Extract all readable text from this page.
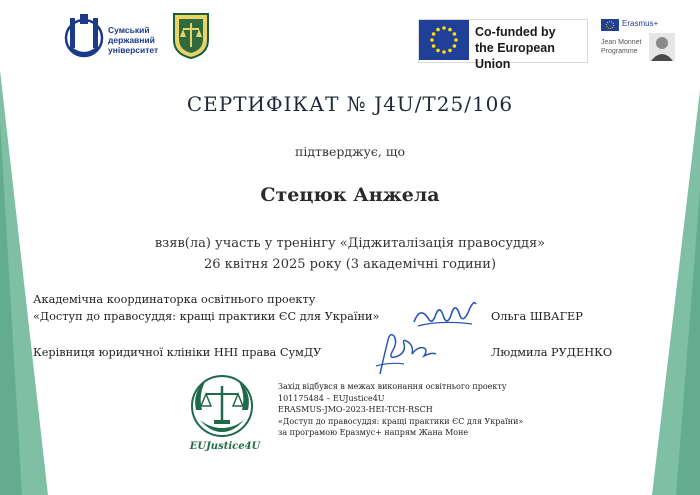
Сумський
державний
університет
Co-funded by
the European Union
Erasmus+
Jean Monnet
Programme
СЕРТИФІКАТ № J4U/T25/106
підтверджує, що
Стецюк Анжела
взяв(ла) участь у тренінгу «Діджиталізація правосуддя»
26 квітня 2025 року (3 академічні години)
Академічна координаторка освітнього проекту
«Доступ до правосуддя: кращі практики ЄС для України»	Ольга ШВАГЕР
Керівниця юридичної клініки ННІ права СумДУ	Людмила РУДЕНКО
EUJustice4U
Захід відбувся в межах виконання освітнього проекту
101175484 – EUJustice4U
ERASMUS-JMO-2023-HEI-TCH-RSCH
«Доступ до правосуддя: кращі практики ЄС для України»
за програмою Еразмус+ напрям Жана Моне
